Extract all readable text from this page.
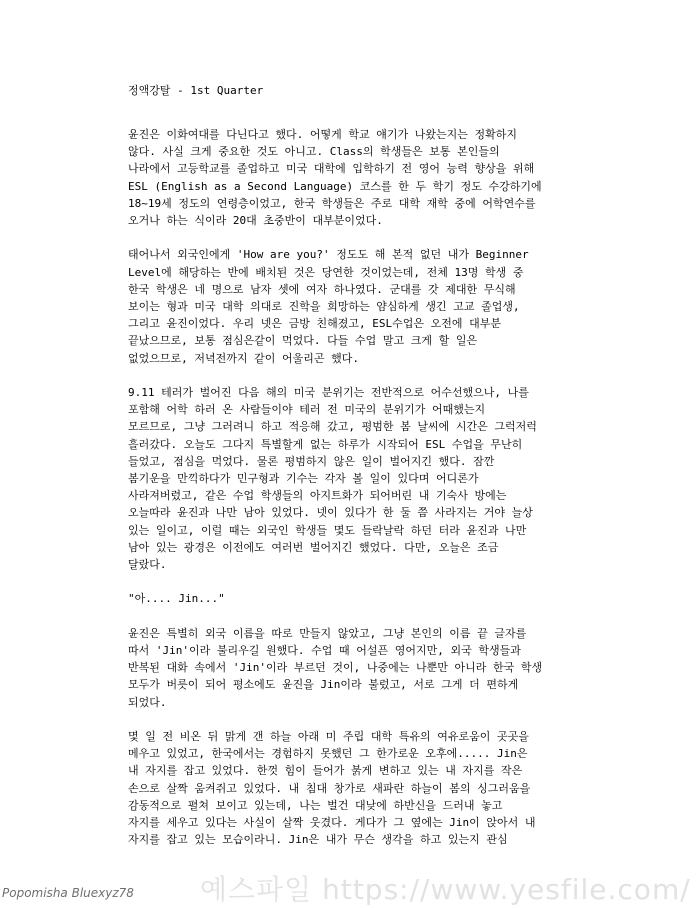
정액강탈 - 1st Quarter
윤진은 이화여대를 다닌다고 했다. 어떻게 학교 얘기가 나왔는지는 정확하지
않다. 사실 크게 중요한 것도 아니고. Class의 학생들은 보통 본인들의
나라에서 고등학교를 졸업하고 미국 대학에 입학하기 전 영어 능력 향상을 위해
ESL (English as a Second Language) 코스를 한 두 학기 정도 수강하기에
18~19세 정도의 연령층이었고, 한국 학생들은 주로 대학 재학 중에 어학연수를
오거나 하는 식이라 20대 초중반이 대부분이었다.
태어나서 외국인에게 'How are you?' 정도도 해 본적 없던 내가 Beginner
Level에 해당하는 반에 배치된 것은 당연한 것이었는데, 전체 13명 학생 중
한국 학생은 네 명으로 남자 셋에 여자 하나였다. 군대를 갓 제대한 무식해
보이는 형과 미국 대학 의대로 진학을 희망하는 얌심하게 생긴 고교 졸업생,
그리고 윤진이었다. 우리 넷은 금방 친해졌고, ESL수업은 오전에 대부분
끝났으므로, 보통 점심은같이 먹었다. 다들 수업 말고 크게 할 일은
없었으므로, 저녁전까지 같이 어울리곤 했다.
9.11 테러가 벌어진 다음 해의 미국 분위기는 전반적으로 어수선했으나, 나를
포함해 어학 하러 온 사람들이야 테러 전 미국의 분위기가 어때했는지
모르므로, 그냥 그러려니 하고 적응해 갔고, 평범한 봄 날씨에 시간은 그럭저럭
흘러갔다. 오늘도 그다지 특별할게 없는 하루가 시작되어 ESL 수업을 무난히
들었고, 점심을 먹었다. 물론 평범하지 않은 일이 벌어지긴 했다. 잠깐
봄기운을 만끽하다가 민구형과 기수는 각자 볼 일이 있다며 어디론가
사라져버렸고, 같은 수업 학생들의 아지트화가 되어버린 내 기숙사 방에는
오늘따라 윤진과 나만 남아 있었다. 넷이 있다가 한 둘 쯤 사라지는 거야 늘상
있는 일이고, 이럴 때는 외국인 학생들 몇도 들락날락 하던 터라 윤진과 나만
남아 있는 광경은 이전에도 여러번 벌어지긴 했었다. 다만, 오늘은 조금
달랐다.
"아.... Jin..."
윤진은 특별히 외국 이름을 따로 만들지 않았고, 그냥 본인의 이름 끝 글자를
따서 'Jin'이라 불리우길 원했다. 수업 때 어설픈 영어지만, 외국 학생들과
반복된 대화 속에서 'Jin'이라 부르던 것이, 나중에는 나뿐만 아니라 한국 학생
모두가 버릇이 되어 평소에도 윤진을 Jin이라 불렀고, 서로 그게 더 편하게
되었다.
몇 일 전 비온 뒤 맑게 갠 하늘 아래 미 주립 대학 특유의 여유로움이 곳곳을
메우고 있었고, 한국에서는 경험하지 못했던 그 한가로운 오후에..... Jin은
내 자지를 잡고 있었다. 한껏 힘이 들어가 붉게 변하고 있는 내 자지를 작은
손으로 살짝 움켜쥐고 있었다. 내 침대 창가로 새파란 하늘이 봄의 싱그러움을
감동적으로 펼쳐 보이고 있는데, 나는 벌건 대낮에 하반신을 드러내 놓고
자지를 세우고 있다는 사실이 살짝 웃겼다. 게다가 그 옆에는 Jin이 앉아서 내
자지를 잡고 있는 모습이라니. Jin은 내가 무슨 생각을 하고 있는지 관심
Popomisha Bluexyz78 예스파일 https://www.yesfile.com/
